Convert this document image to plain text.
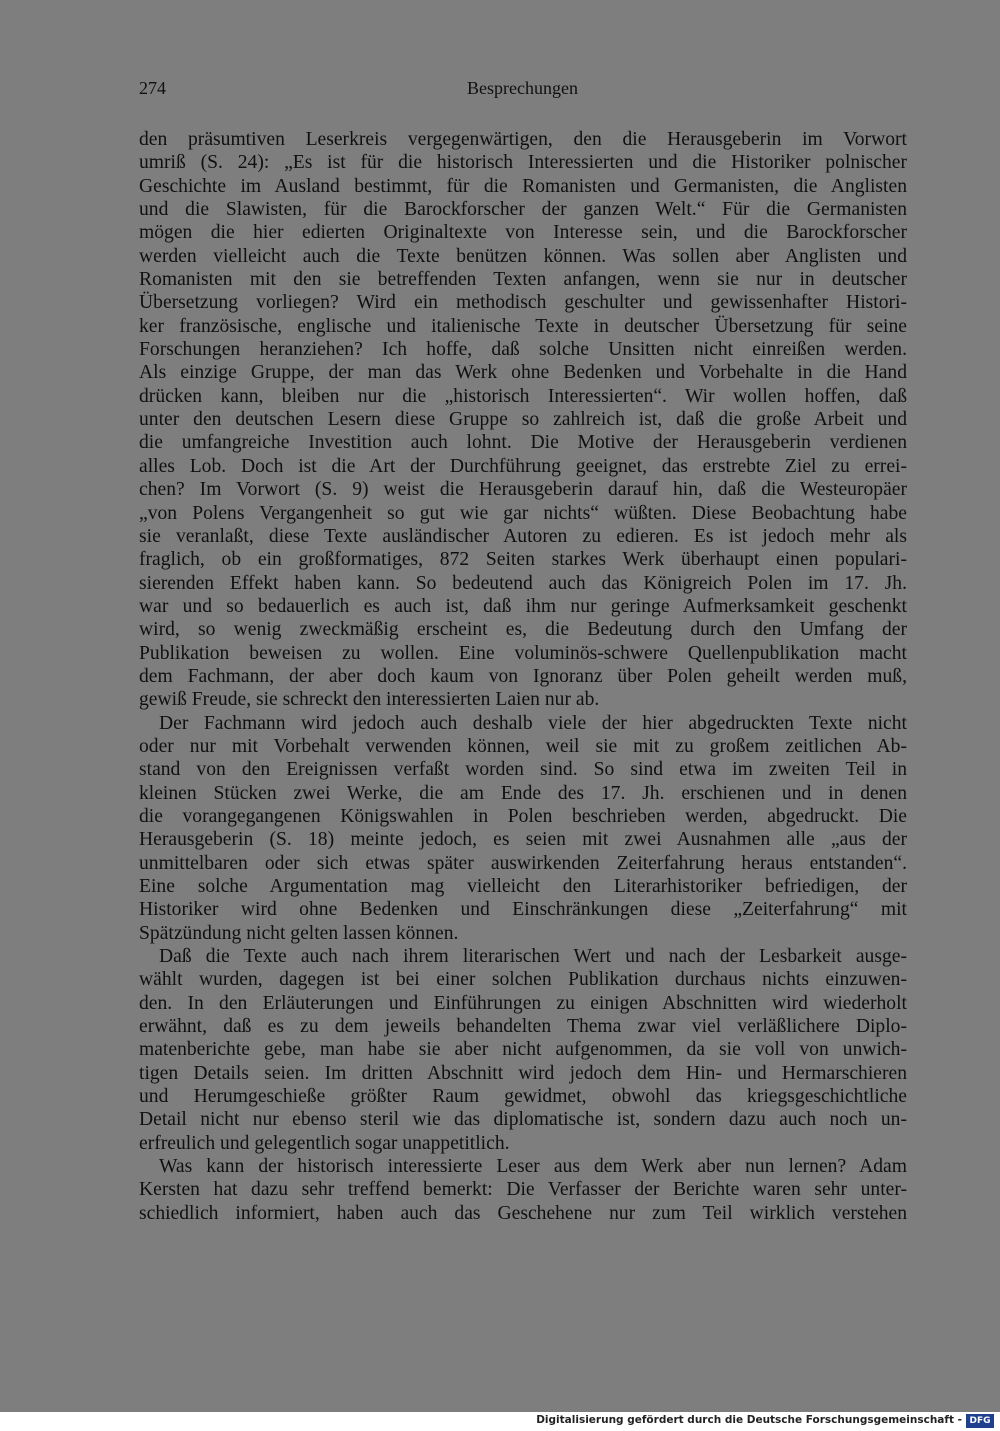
274	Besprechungen
den präsumtiven Leserkreis vergegenwärtigen, den die Herausgeberin im Vorwort
umriß (S. 24): „Es ist für die historisch Interessierten und die Historiker polnischer
Geschichte im Ausland bestimmt, für die Romanisten und Germanisten, die Anglisten
und die Slawisten, für die Barockforscher der ganzen Welt.“ Für die Germanisten
mögen die hier edierten Originaltexte von Interesse sein, und die Barockforscher
werden vielleicht auch die Texte benützen können. Was sollen aber Anglisten und
Romanisten mit den sie betreffenden Texten anfangen, wenn sie nur in deutscher
Übersetzung vorliegen? Wird ein methodisch geschulter und gewissenhafter Histori-
ker französische, englische und italienische Texte in deutscher Übersetzung für seine
Forschungen heranziehen? Ich hoffe, daß solche Unsitten nicht einreißen werden.
Als einzige Gruppe, der man das Werk ohne Bedenken und Vorbehalte in die Hand
drücken kann, bleiben nur die „historisch Interessierten“. Wir wollen hoffen, daß
unter den deutschen Lesern diese Gruppe so zahlreich ist, daß die große Arbeit und
die umfangreiche Investition auch lohnt. Die Motive der Herausgeberin verdienen
alles Lob. Doch ist die Art der Durchführung geeignet, das erstrebte Ziel zu errei-
chen? Im Vorwort (S. 9) weist die Herausgeberin darauf hin, daß die Westeuropäer
„von Polens Vergangenheit so gut wie gar nichts“ wüßten. Diese Beobachtung habe
sie veranlaßt, diese Texte ausländischer Autoren zu edieren. Es ist jedoch mehr als
fraglich, ob ein großformatiges, 872 Seiten starkes Werk überhaupt einen populari-
sierenden Effekt haben kann. So bedeutend auch das Königreich Polen im 17. Jh.
war und so bedauerlich es auch ist, daß ihm nur geringe Aufmerksamkeit geschenkt
wird, so wenig zweckmäßig erscheint es, die Bedeutung durch den Umfang der
Publikation beweisen zu wollen. Eine voluminös-schwere Quellenpublikation macht
dem Fachmann, der aber doch kaum von Ignoranz über Polen geheilt werden muß,
gewiß Freude, sie schreckt den interessierten Laien nur ab.
Der Fachmann wird jedoch auch deshalb viele der hier abgedruckten Texte nicht
oder nur mit Vorbehalt verwenden können, weil sie mit zu großem zeitlichen Ab-
stand von den Ereignissen verfaßt worden sind. So sind etwa im zweiten Teil in
kleinen Stücken zwei Werke, die am Ende des 17. Jh. erschienen und in denen
die vorangegangenen Königswahlen in Polen beschrieben werden, abgedruckt. Die
Herausgeberin (S. 18) meinte jedoch, es seien mit zwei Ausnahmen alle „aus der
unmittelbaren oder sich etwas später auswirkenden Zeiterfahrung heraus entstanden“.
Eine solche Argumentation mag vielleicht den Literarhistoriker befriedigen, der
Historiker wird ohne Bedenken und Einschränkungen diese „Zeiterfahrung“ mit
Spätzündung nicht gelten lassen können.
Daß die Texte auch nach ihrem literarischen Wert und nach der Lesbarkeit ausge-
wählt wurden, dagegen ist bei einer solchen Publikation durchaus nichts einzuwen-
den. In den Erläuterungen und Einführungen zu einigen Abschnitten wird wiederholt
erwähnt, daß es zu dem jeweils behandelten Thema zwar viel verläßlichere Diplo-
matenberichte gebe, man habe sie aber nicht aufgenommen, da sie voll von unwich-
tigen Details seien. Im dritten Abschnitt wird jedoch dem Hin- und Hermarschieren
und Herumgeschieße größter Raum gewidmet, obwohl das kriegsgeschichtliche
Detail nicht nur ebenso steril wie das diplomatische ist, sondern dazu auch noch un-
erfreulich und gelegentlich sogar unappetitlich.
Was kann der historisch interessierte Leser aus dem Werk aber nun lernen? Adam
Kersten hat dazu sehr treffend bemerkt: Die Verfasser der Berichte waren sehr unter-
schiedlich informiert, haben auch das Geschehene nur zum Teil wirklich verstehen
Digitalisierung gefördert durch die Deutsche Forschungsgemeinschaft - DFG
